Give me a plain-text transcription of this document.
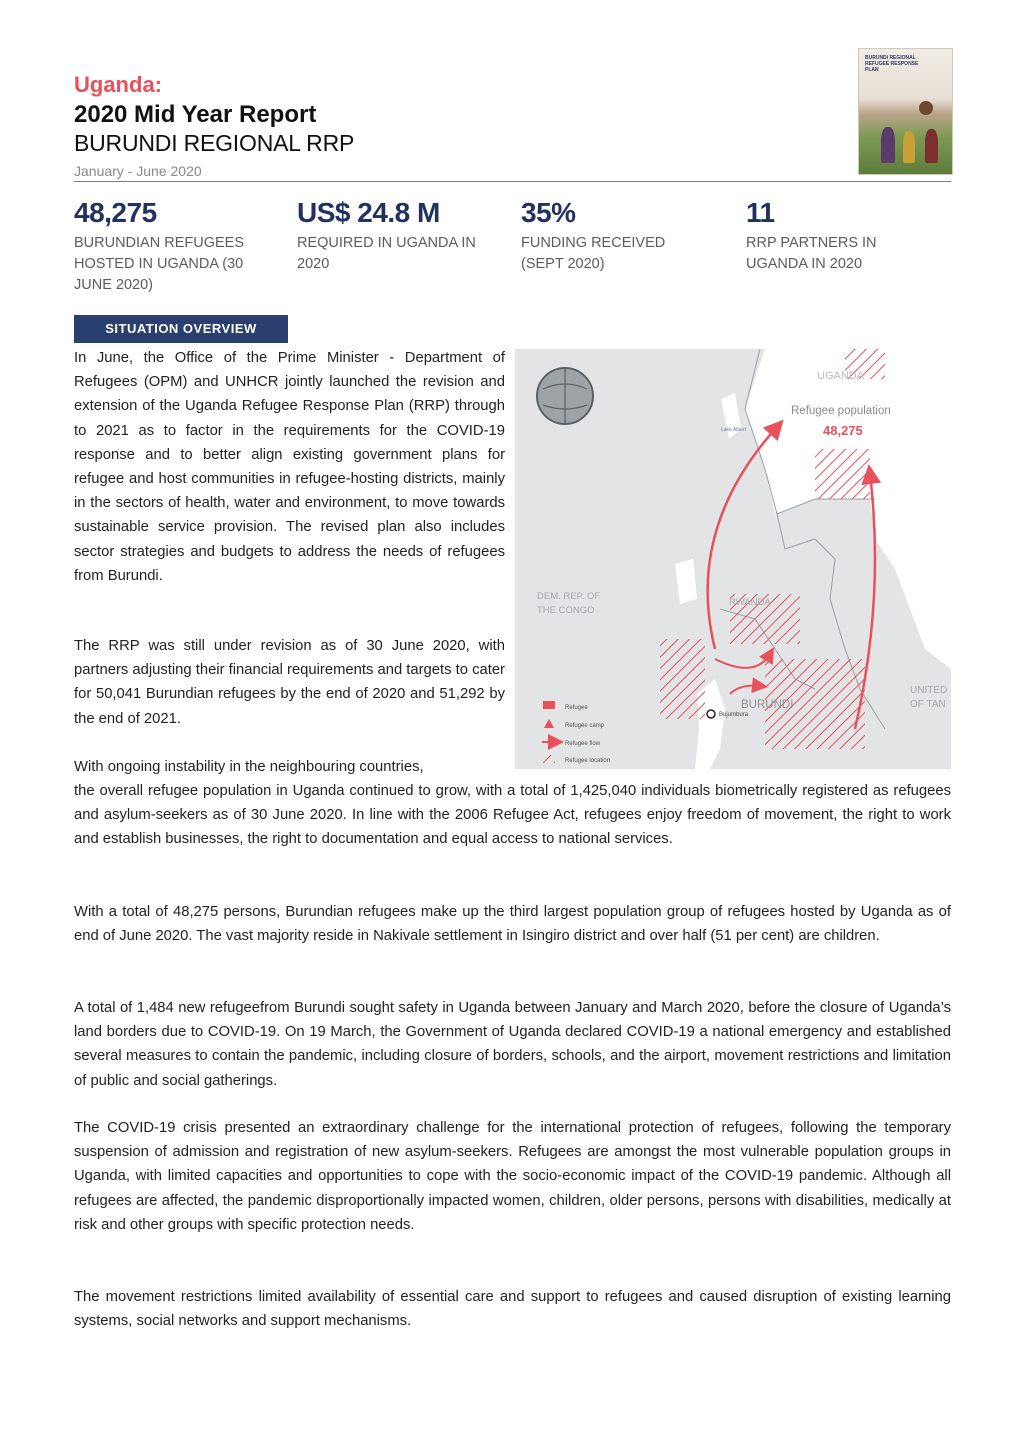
Uganda:
2020 Mid Year Report
BURUNDI REGIONAL RRP
January - June 2020
BURUNDI REGIONAL REFUGEE RESPONSE PLAN
48,275
BURUNDIAN REFUGEES HOSTED IN UGANDA (30 JUNE 2020)
US$ 24.8 M
REQUIRED IN UGANDA IN 2020
35%
FUNDING RECEIVED (SEPT 2020)
11
RRP PARTNERS IN UGANDA IN 2020
SITUATION OVERVIEW

In June, the Office of the Prime Minister - Department of Refugees (OPM) and UNHCR jointly launched the revision and extension of the Uganda Refugee Response Plan (RRP) through to 2021 as to factor in the requirements for the COVID-19 response and to better align existing government plans for refugee and host communities in refugee-hosting districts, mainly in the sectors of health, water and environment, to move towards sustainable service provision. The revised plan also includes sector strategies and budgets to address the needs of refugees from Burundi.

The RRP was still under revision as of 30 June 2020, with partners adjusting their financial requirements and targets to cater for 50,041 Burundian refugees by the end of 2020 and 51,292 by the end of 2021.

With ongoing instability in the neighbouring countries,

the overall refugee population in Uganda continued to grow, with a total of 1,425,040 individuals biometrically registered as refugees and asylum-seekers as of 30 June 2020. In line with the 2006 Refugee Act, refugees enjoy freedom of movement, the right to work and establish businesses, the right to documentation and equal access to national services.

With a total of 48,275 persons, Burundian refugees make up the third largest population group of refugees hosted by Uganda as of end of June 2020. The vast majority reside in Nakivale settlement in Isingiro district and over half (51 per cent) are children.

A total of 1,484 new refugeefrom Burundi sought safety in Uganda between January and March 2020, before the closure of Uganda’s land borders due to COVID-19. On 19 March, the Government of Uganda declared COVID-19 a national emergency and established several measures to contain the pandemic, including closure of borders, schools, and the airport, movement restrictions and limitation of public and social gatherings.

The COVID-19 crisis presented an extraordinary challenge for the international protection of refugees, following the temporary suspension of admission and registration of new asylum-seekers. Refugees are amongst the most vulnerable population groups in Uganda, with limited capacities and opportunities to cope with the socio-economic impact of the COVID-19 pandemic. Although all refugees are affected, the pandemic disproportionally impacted women, children, older persons, persons with disabilities, medically at risk and other groups with specific protection needs.

The movement restrictions limited availability of essential care and support to refugees and caused disruption of existing learning systems, social networks and support mechanisms.

Bujumbura
Lake Albert
UGANDA
Refugee population
48,275
DEM. REP. OF THE CONGO
RWANDA
BURUNDI
UNITED OF TAN
Refugee
Refugee camp
Refugee flow
Refugee location
